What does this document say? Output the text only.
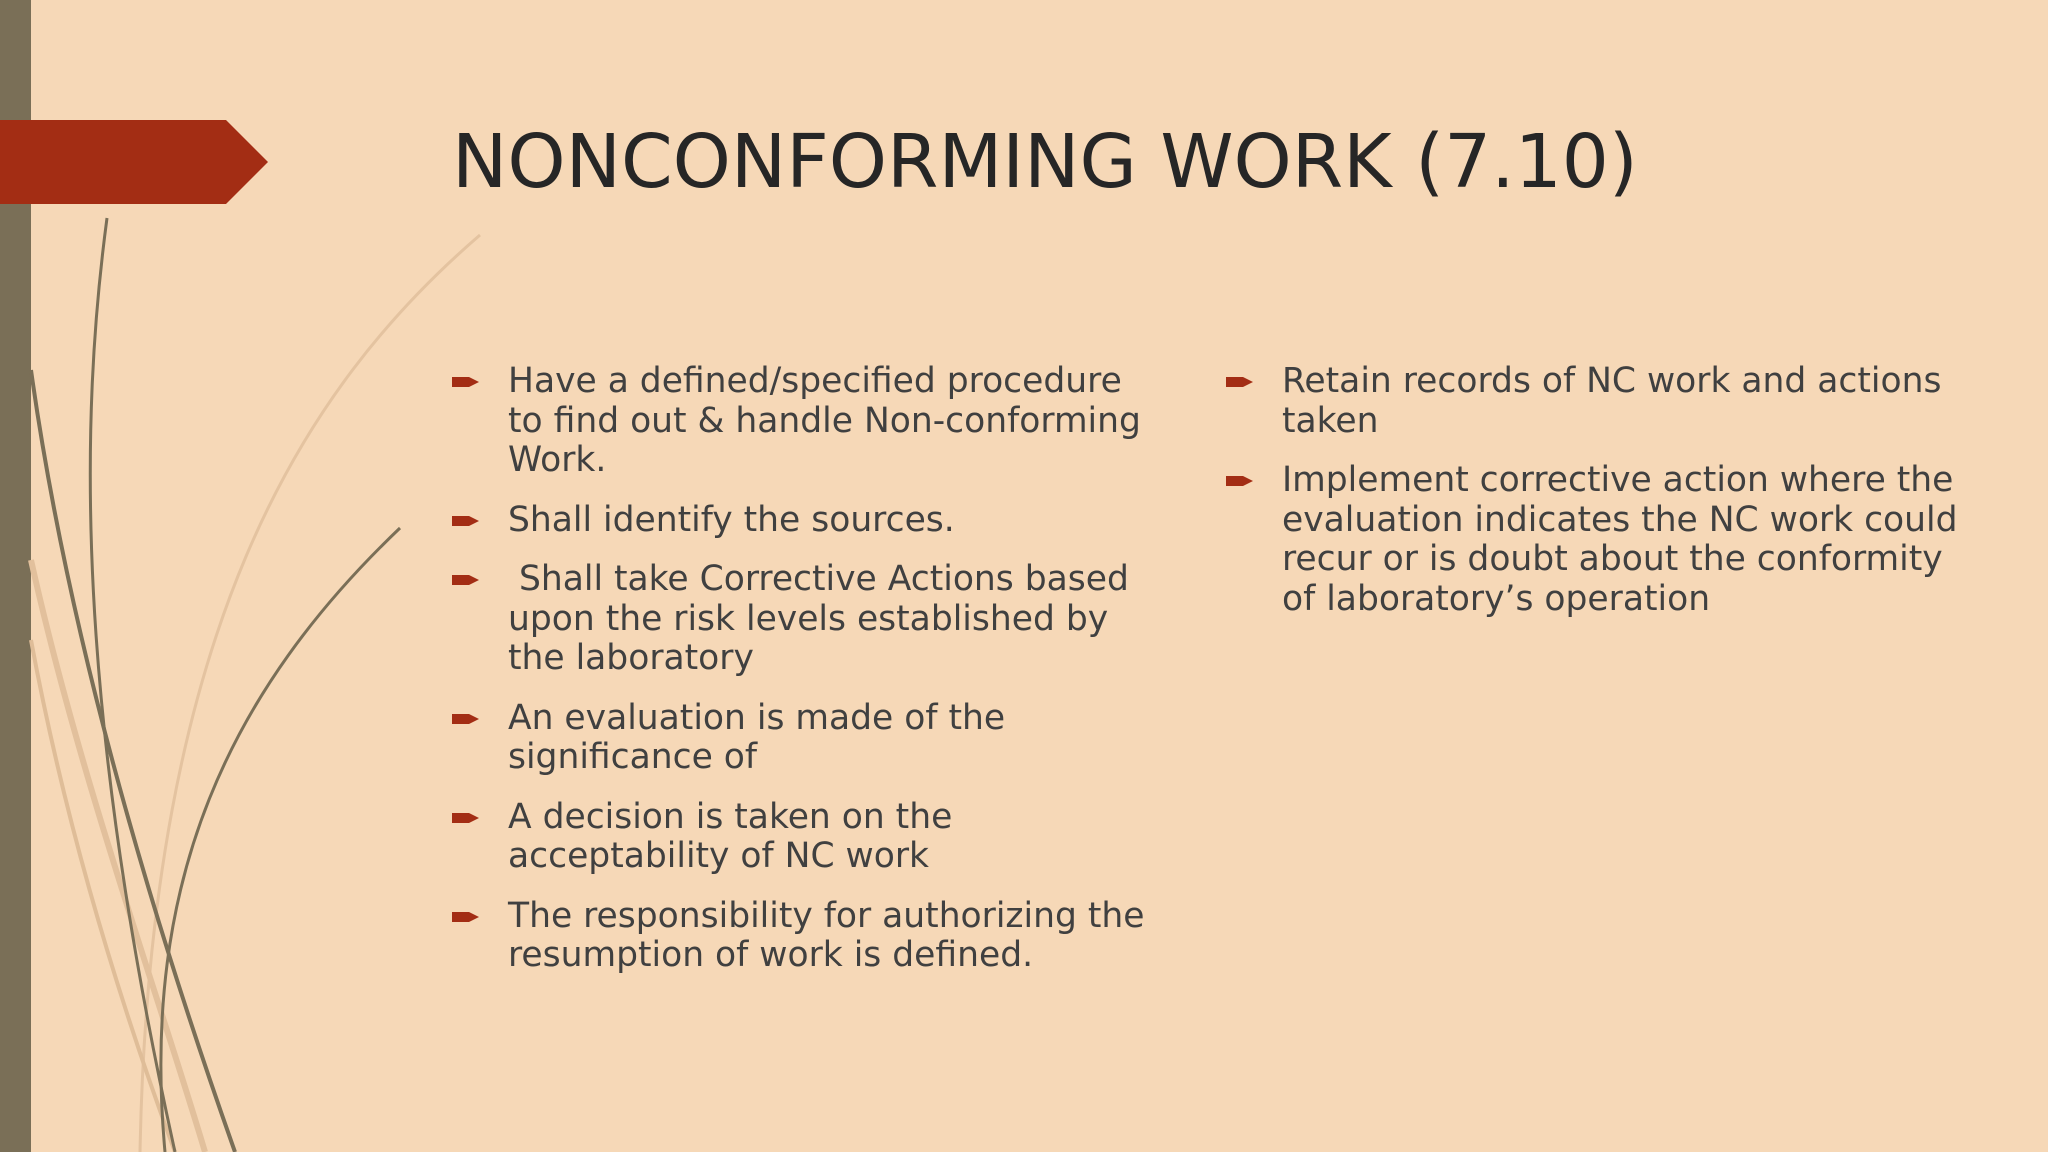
NONCONFORMING WORK (7.10)
Have a defined/specified procedure to find out & handle Non-conforming Work.
Shall identify the sources.
Shall take Corrective Actions based upon the risk levels established by the laboratory
An evaluation is made of the significance of
A decision is taken on the acceptability of NC work
The responsibility for authorizing the resumption of work is defined.
Retain records of NC work and actions taken
Implement corrective action where the evaluation indicates the NC work could recur or is doubt about the conformity of laboratory’s operation
